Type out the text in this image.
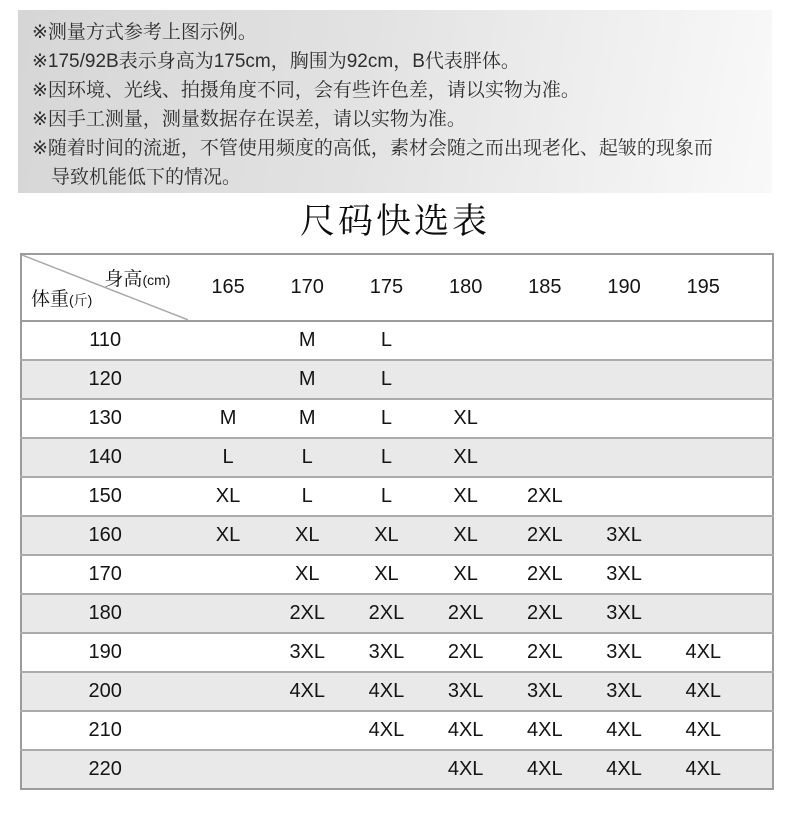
※测量方式参考上图示例。
※175/92B表示身高为175cm，胸围为92cm，B代表胖体。
※因环境、光线、拍摄角度不同，会有些许色差，请以实物为准。
※因手工测量，测量数据存在误差，请以实物为准。
※随着时间的流逝，不管使用频度的高低，素材会随之而出现老化、起皱的现象而导致机能低下的情况。
尺码快选表
身高(cm)
体重(斤)	165	170	175	180	185	190	195	
110		M	L					
120		M	L					
130	M	M	L	XL				
140	L	L	L	XL				
150	XL	L	L	XL	2XL			
160	XL	XL	XL	XL	2XL	3XL		
170		XL	XL	XL	2XL	3XL		
180		2XL	2XL	2XL	2XL	3XL		
190		3XL	3XL	2XL	2XL	3XL	4XL	
200		4XL	4XL	3XL	3XL	3XL	4XL	
210			4XL	4XL	4XL	4XL	4XL	
220				4XL	4XL	4XL	4XL	
